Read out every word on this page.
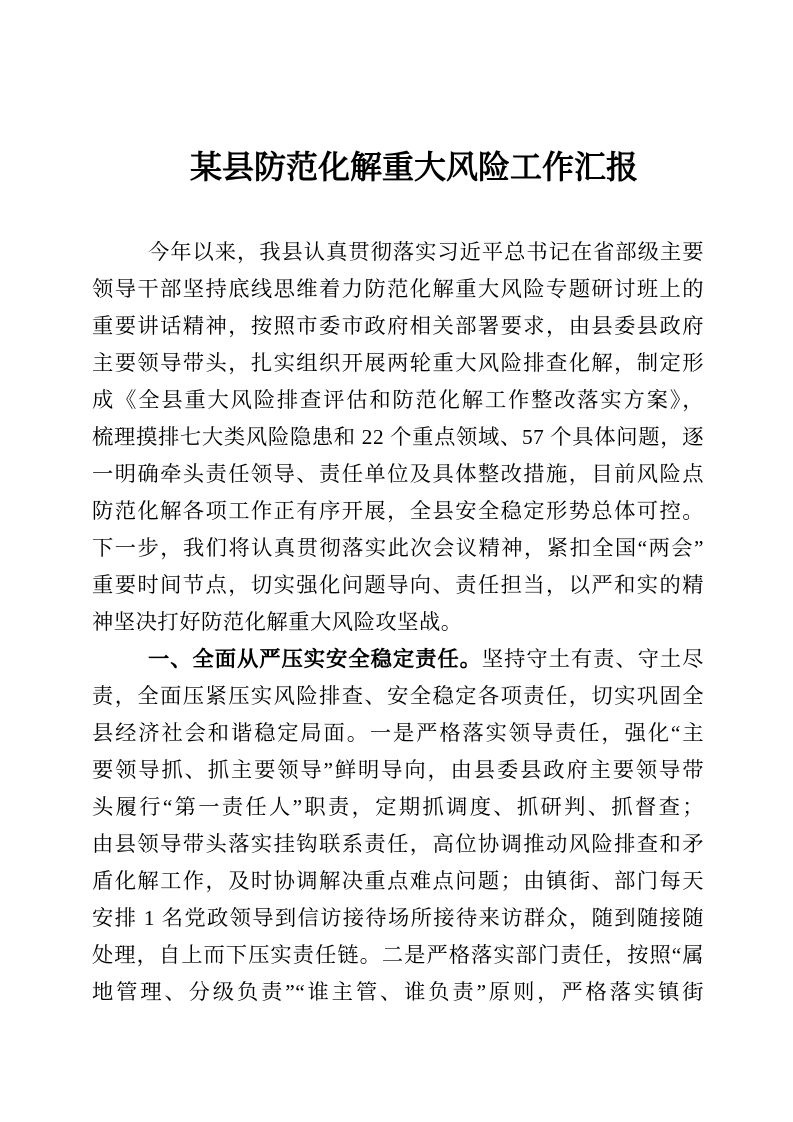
某县防范化解重大风险工作汇报
今年以来，我县认真贯彻落实习近平总书记在省部级主要
领导干部坚持底线思维着力防范化解重大风险专题研讨班上的
重要讲话精神，按照市委市政府相关部署要求，由县委县政府
主要领导带头，扎实组织开展两轮重大风险排查化解，制定形
成《全县重大风险排查评估和防范化解工作整改落实方案》，
梳理摸排七大类风险隐患和 22 个重点领域、57 个具体问题，逐
一明确牵头责任领导、责任单位及具体整改措施，目前风险点
防范化解各项工作正有序开展，全县安全稳定形势总体可控。
下一步，我们将认真贯彻落实此次会议精神，紧扣全国“两会”
重要时间节点，切实强化问题导向、责任担当，以严和实的精
神坚决打好防范化解重大风险攻坚战。
一、全面从严压实安全稳定责任。坚持守土有责、守土尽
责，全面压紧压实风险排查、安全稳定各项责任，切实巩固全
县经济社会和谐稳定局面。一是严格落实领导责任，强化“主
要领导抓、抓主要领导”鲜明导向，由县委县政府主要领导带
头履行“第一责任人”职责，定期抓调度、抓研判、抓督查；
由县领导带头落实挂钩联系责任，高位协调推动风险排查和矛
盾化解工作，及时协调解决重点难点问题；由镇街、部门每天
安排 1 名党政领导到信访接待场所接待来访群众，随到随接随
处理，自上而下压实责任链。二是严格落实部门责任，按照“属
地管理、分级负责”“谁主管、谁负责”原则，严格落实镇街
